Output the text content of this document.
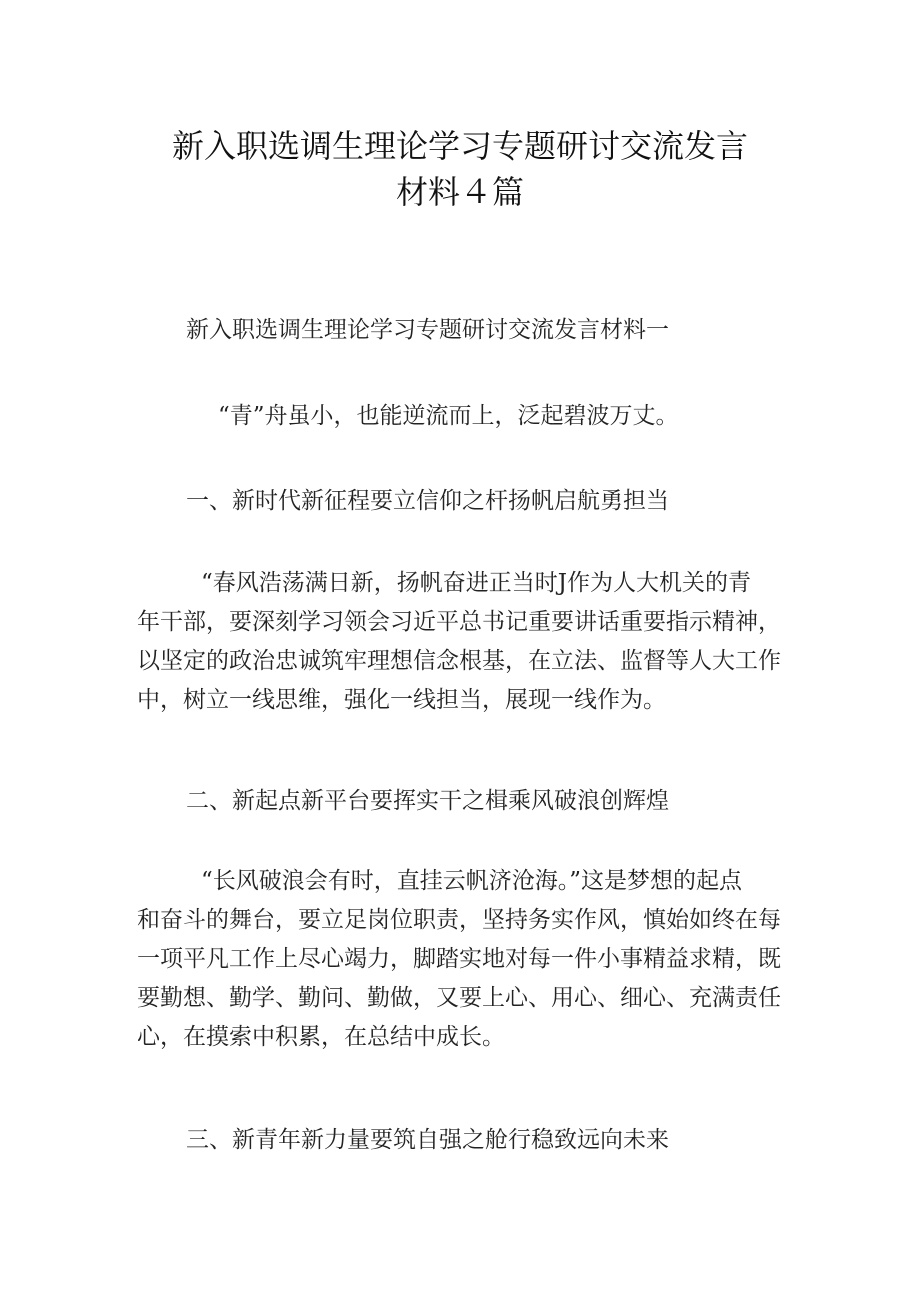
新入职选调生理论学习专题研讨交流发言
材料４篇
新入职选调生理论学习专题研讨交流发言材料一
“青”舟虽小，也能逆流而上，泛起碧波万丈。
一、新时代新征程要立信仰之杆扬帆启航勇担当
“春风浩荡满日新，扬帆奋进正当时J作为人大机关的青
年干部，要深刻学习领会习近平总书记重要讲话重要指示精神，
以坚定的政治忠诚筑牢理想信念根基，在立法、监督等人大工作
中，树立一线思维，强化一线担当，展现一线作为。
二、新起点新平台要挥实干之楫乘风破浪创辉煌
“长风破浪会有时，直挂云帆济沧海。”这是梦想的起点
和奋斗的舞台，要立足岗位职责，坚持务实作风，慎始如终在每
一项平凡工作上尽心竭力，脚踏实地对每一件小事精益求精，既
要勤想、勤学、勤问、勤做，又要上心、用心、细心、充满责任
心，在摸索中积累，在总结中成长。
三、新青年新力量要筑自强之舱行稳致远向未来
